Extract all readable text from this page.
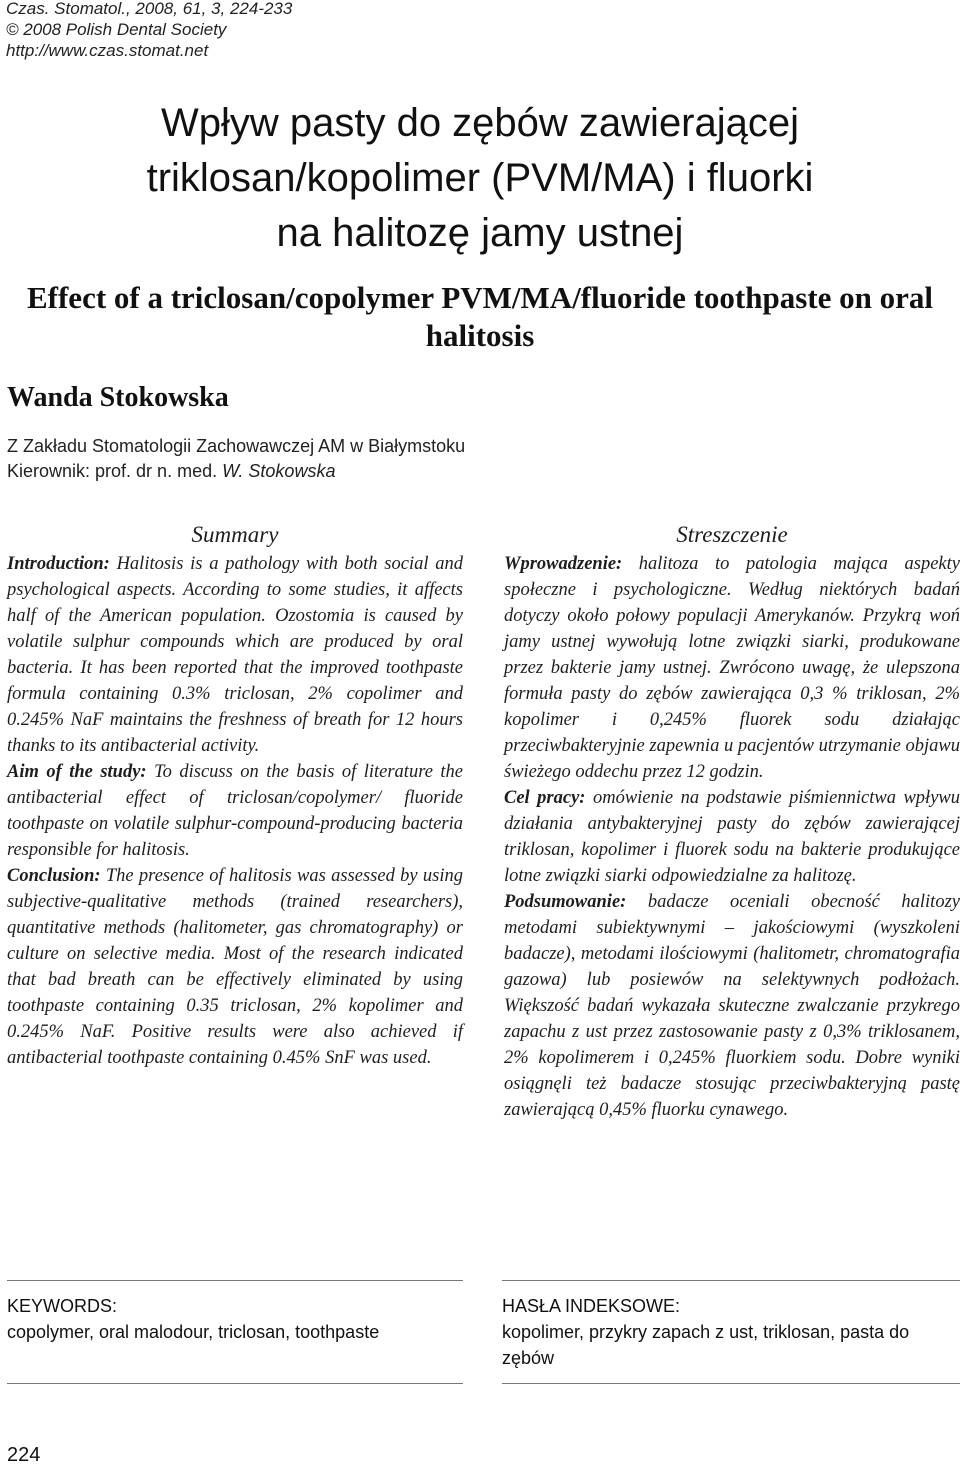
Czas. Stomatol., 2008, 61, 3, 224-233
© 2008 Polish Dental Society
http://www.czas.stomat.net
Wpływ pasty do zębów zawierającej
triklosan/kopolimer (PVM/MA) i fluorki
na halitozę jamy ustnej
Effect of a triclosan/copolymer PVM/MA/fluoride toothpaste on oral
halitosis
Wanda Stokowska
Z Zakładu Stomatologii Zachowawczej AM w Białymstoku
Kierownik: prof. dr n. med. W. Stokowska
Summary

Introduction: Halitosis is a pathology with both social and psychological aspects. According to some studies, it affects half of the American population. Ozostomia is caused by volatile sulphur compounds which are produced by oral bacteria. It has been reported that the improved toothpaste formula containing 0.3% triclosan, 2% copolimer and 0.245% NaF maintains the freshness of breath for 12 hours thanks to its antibacterial activity.

Aim of the study: To discuss on the basis of literature the antibacterial effect of triclosan/copolymer/ fluoride toothpaste on volatile sulphur-compound-producing bacteria responsible for halitosis.

Conclusion: The presence of halitosis was assessed by using subjective-qualitative methods (trained researchers), quantitative methods (halitometer, gas chromatography) or culture on selective media. Most of the research indicated that bad breath can be effectively eliminated by using toothpaste containing 0.35 triclosan, 2% kopolimer and 0.245% NaF. Positive results were also achieved if antibacterial toothpaste containing 0.45% SnF was used.

Streszczenie

Wprowadzenie: halitoza to patologia mająca aspekty społeczne i psychologiczne. Według niektórych badań dotyczy około połowy populacji Amerykanów. Przykrą woń jamy ustnej wywołują lotne związki siarki, produkowane przez bakterie jamy ustnej. Zwrócono uwagę, że ulepszona formuła pasty do zębów zawierająca 0,3 % triklosan, 2% kopolimer i 0,245% fluorek sodu działając przeciwbakteryjnie zapewnia u pacjentów utrzymanie objawu świeżego oddechu przez 12 godzin.

Cel pracy: omówienie na podstawie piśmiennictwa wpływu działania antybakteryjnej pasty do zębów zawierającej triklosan, kopolimer i fluorek sodu na bakterie produkujące lotne związki siarki odpowiedzialne za halitozę.

Podsumowanie: badacze oceniali obecność halitozy metodami subiektywnymi – jakościowymi (wyszkoleni badacze), metodami ilościowymi (halitometr, chromatografia gazowa) lub posiewów na selektywnych podłożach. Większość badań wykazała skuteczne zwalczanie przykrego zapachu z ust przez zastosowanie pasty z 0,3% triklosanem, 2% kopolimerem i 0,245% fluorkiem sodu. Dobre wyniki osiągnęli też badacze stosując przeciwbakteryjną pastę zawierającą 0,45% fluorku cynawego.

KEYWORDS:
copolymer, oral malodour, triclosan, toothpaste
HASŁA INDEKSOWE:
kopolimer, przykry zapach z ust, triklosan, pasta do zębów
224
